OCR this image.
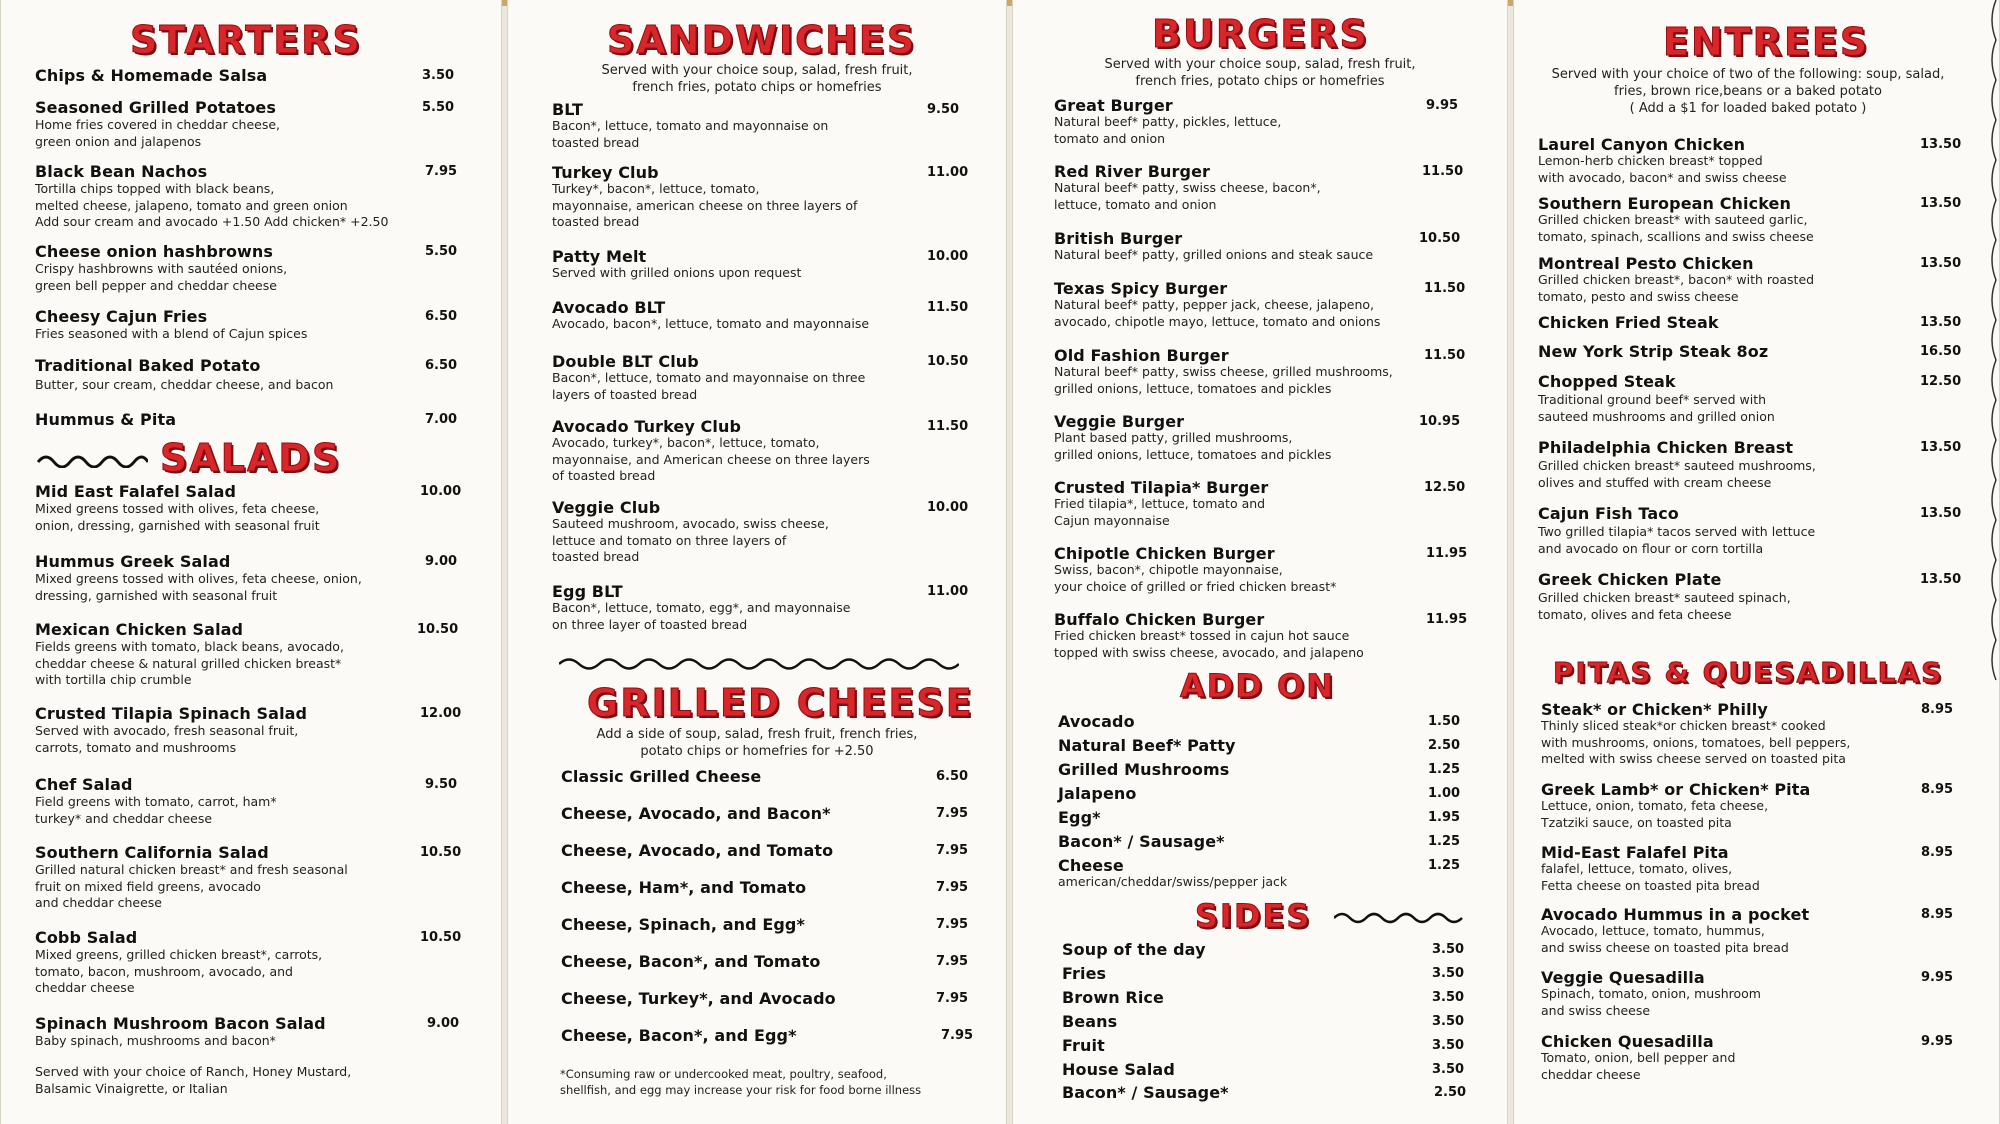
STARTERS
Chips & Homemade Salsa	3.50
Seasoned Grilled Potatoes	5.50
Home fries covered in cheddar cheese,
green onion and jalapenos
Black Bean Nachos	7.95
Tortilla chips topped with black beans,
melted cheese, jalapeno, tomato and green onion
Add sour cream and avocado +1.50 Add chicken* +2.50
Cheese onion hashbrowns	5.50
Crispy hashbrowns with sautéed onions,
green bell pepper and cheddar cheese
Cheesy Cajun Fries	6.50
Fries seasoned with a blend of Cajun spices
Traditional Baked Potato	6.50
Butter, sour cream, cheddar cheese, and bacon
Hummus & Pita	7.00
SALADS
Mid East Falafel Salad	10.00
Mixed greens tossed with olives, feta cheese,
onion, dressing, garnished with seasonal fruit
Hummus Greek Salad	9.00
Mixed greens tossed with olives, feta cheese, onion,
dressing, garnished with seasonal fruit
Mexican Chicken Salad	10.50
Fields greens with tomato, black beans, avocado,
cheddar cheese & natural grilled chicken breast*
with tortilla chip crumble
Crusted Tilapia Spinach Salad	12.00
Served with avocado, fresh seasonal fruit,
carrots, tomato and mushrooms
Chef Salad	9.50
Field greens with tomato, carrot, ham*
turkey* and cheddar cheese
Southern California Salad	10.50
Grilled natural chicken breast* and fresh seasonal
fruit on mixed field greens, avocado
and cheddar cheese
Cobb Salad	10.50
Mixed greens, grilled chicken breast*, carrots,
tomato, bacon, mushroom, avocado, and
cheddar cheese
Spinach Mushroom Bacon Salad	9.00
Baby spinach, mushrooms and bacon*
Served with your choice of Ranch, Honey Mustard,
Balsamic Vinaigrette, or Italian
SANDWICHES
Served with your choice soup, salad, fresh fruit,
french fries, potato chips or homefries
BLT	9.50
Bacon*, lettuce, tomato and mayonnaise on
toasted bread
Turkey Club	11.00
Turkey*, bacon*, lettuce, tomato,
mayonnaise, american cheese on three layers of
toasted bread
Patty Melt	10.00
Served with grilled onions upon request
Avocado BLT	11.50
Avocado, bacon*, lettuce, tomato and mayonnaise
Double BLT Club	10.50
Bacon*, lettuce, tomato and mayonnaise on three
layers of toasted bread
Avocado Turkey Club	11.50
Avocado, turkey*, bacon*, lettuce, tomato,
mayonnaise, and American cheese on three layers
of toasted bread
Veggie Club	10.00
Sauteed mushroom, avocado, swiss cheese,
lettuce and tomato on three layers of
toasted bread
Egg BLT	11.00
Bacon*, lettuce, tomato, egg*, and mayonnaise
on three layer of toasted bread
GRILLED CHEESE
Add a side of soup, salad, fresh fruit, french fries,
potato chips or homefries for +2.50
Classic Grilled Cheese	6.50
Cheese, Avocado, and Bacon*	7.95
Cheese, Avocado, and Tomato	7.95
Cheese, Ham*, and Tomato	7.95
Cheese, Spinach, and Egg*	7.95
Cheese, Bacon*, and Tomato	7.95
Cheese, Turkey*, and Avocado	7.95
Cheese, Bacon*, and Egg*	7.95
*Consuming raw or undercooked meat, poultry, seafood,
shellfish, and egg may increase your risk for food borne illness
BURGERS
Served with your choice soup, salad, fresh fruit,
french fries, potato chips or homefries
Great Burger	9.95
Natural beef* patty, pickles, lettuce,
tomato and onion
Red River Burger	11.50
Natural beef* patty, swiss cheese, bacon*,
lettuce, tomato and onion
British Burger	10.50
Natural beef* patty, grilled onions and steak sauce
Texas Spicy Burger	11.50
Natural beef* patty, pepper jack, cheese, jalapeno,
avocado, chipotle mayo, lettuce, tomato and onions
Old Fashion Burger	11.50
Natural beef* patty, swiss cheese, grilled mushrooms,
grilled onions, lettuce, tomatoes and pickles
Veggie Burger	10.95
Plant based patty, grilled mushrooms,
grilled onions, lettuce, tomatoes and pickles
Crusted Tilapia* Burger	12.50
Fried tilapia*, lettuce, tomato and
Cajun mayonnaise
Chipotle Chicken Burger	11.95
Swiss, bacon*, chipotle mayonnaise,
your choice of grilled or fried chicken breast*
Buffalo Chicken Burger	11.95
Fried chicken breast* tossed in cajun hot sauce
topped with swiss cheese, avocado, and jalapeno
ADD ON
Avocado	1.50
Natural Beef* Patty	2.50
Grilled Mushrooms	1.25
Jalapeno	1.00
Egg*	1.95
Bacon* / Sausage*	1.25
Cheese	1.25
american/cheddar/swiss/pepper jack
SIDES
Soup of the day	3.50
Fries	3.50
Brown Rice	3.50
Beans	3.50
Fruit	3.50
House Salad	3.50
Bacon* / Sausage*	2.50
ENTREES
Served with your choice of two of the following: soup, salad,
fries, brown rice,beans or a baked potato
( Add a $1 for loaded baked potato )
Laurel Canyon Chicken	13.50
Lemon-herb chicken breast* topped
with avocado, bacon* and swiss cheese
Southern European Chicken	13.50
Grilled chicken breast* with sauteed garlic,
tomato, spinach, scallions and swiss cheese
Montreal Pesto Chicken	13.50
Grilled chicken breast*, bacon* with roasted
tomato, pesto and swiss cheese
Chicken Fried Steak	13.50
New York Strip Steak 8oz	16.50
Chopped Steak	12.50
Traditional ground beef* served with
sauteed mushrooms and grilled onion
Philadelphia Chicken Breast	13.50
Grilled chicken breast* sauteed mushrooms,
olives and stuffed with cream cheese
Cajun Fish Taco	13.50
Two grilled tilapia* tacos served with lettuce
and avocado on flour or corn tortilla
Greek Chicken Plate	13.50
Grilled chicken breast* sauteed spinach,
tomato, olives and feta cheese
PITAS & QUESADILLAS
Steak* or Chicken* Philly	8.95
Thinly sliced steak*or chicken breast* cooked
with mushrooms, onions, tomatoes, bell peppers,
melted with swiss cheese served on toasted pita
Greek Lamb* or Chicken* Pita	8.95
Lettuce, onion, tomato, feta cheese,
Tzatziki sauce, on toasted pita
Mid-East Falafel Pita	8.95
falafel, lettuce, tomato, olives,
Fetta cheese on toasted pita bread
Avocado Hummus in a pocket	8.95
Avocado, lettuce, tomato, hummus,
and swiss cheese on toasted pita bread
Veggie Quesadilla	9.95
Spinach, tomato, onion, mushroom
and swiss cheese
Chicken Quesadilla	9.95
Tomato, onion, bell pepper and
cheddar cheese
